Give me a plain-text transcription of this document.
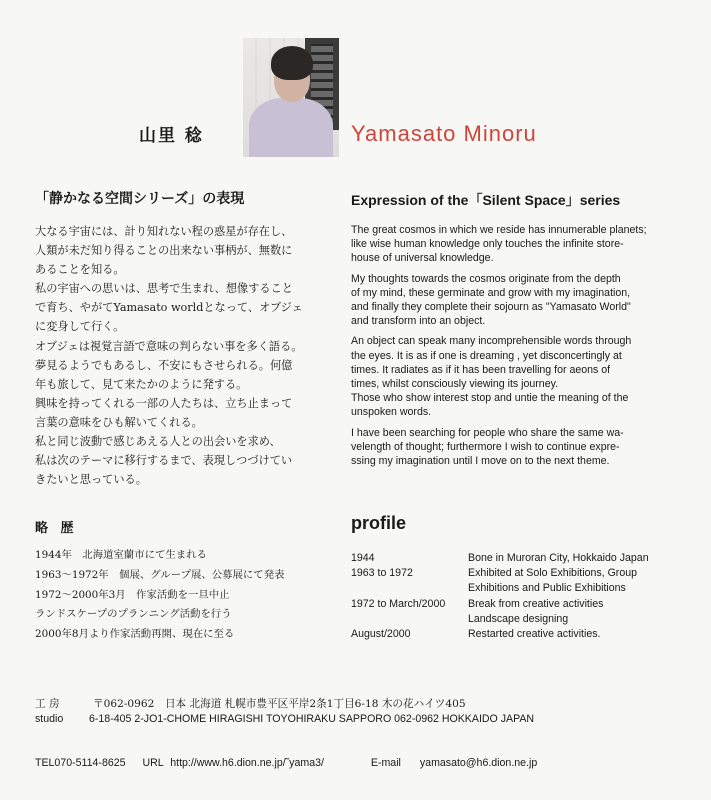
山里 稔	Yamasato Minoru
「静かなる空間シリーズ」の表現

大なる宇宙には、計り知れない程の惑星が存在し、
人類が未だ知り得ることの出来ない事柄が、無数に
あることを知る。

私の宇宙への思いは、思考で生まれ、想像すること
で育ち、やがてYamasato worldとなって、オブジェ
に変身して行く。

オブジェは視覚言語で意味の判らない事を多く語る。
夢見るようでもあるし、不安にもさせられる。何億
年も旅して、見て来たかのように発する。

興味を持ってくれる一部の人たちは、立ち止まって
言葉の意味をひも解いてくれる。

私と同じ波動で感じあえる人との出会いを求め、
私は次のテーマに移行するまで、表現しつづけてい
きたいと思っている。

Expression of the「Silent Space」series

The great cosmos in which we reside has innumerable planets;
like wise human knowledge only touches the infinite store-
house of universal knowledge.

My thoughts towards the cosmos originate from the depth
of my mind, these germinate and grow with my imagination,
and finally they complete their sojourn as "Yamasato World"
and transform into an object.

An object can speak many incomprehensible words through
the eyes. It is as if one is dreaming , yet disconcertingly at
times. It radiates as if it has been travelling for aeons of
times, whilst consciously viewing its journey.
Those who show interest stop and untie the meaning of the
unspoken words.

I have been searching for people who share the same wa-
velength of thought; furthermore I wish to continue expre-
ssing my imagination until I move on to the next theme.

略 歴
1944年　北海道室蘭市にて生まれる
1963～1972年　個展、グループ展、公募展にて発表
1972～2000年3月　作家活動を一旦中止
ランドスケープのプランニング活動を行う
2000年8月より作家活動再開、現在に至る
profile
1944	Bone in Muroran City, Hokkaido Japan
1963 to 1972	Exhibited at Solo Exhibitions, Group
Exhibitions and Public Exhibitions
1972 to March/2000	Break from creative activities
Landscape designing
August/2000	Restarted creative activities.
工 房	〒062-0962　日本 北海道 札幌市豊平区平岸2条1丁目6-18 木の花ハイツ405
studio 6-18-405 2-JO1-CHOME HIRAGISHI TOYOHIRAKU SAPPORO 062-0962 HOKKAIDO JAPAN
TEL070-5114-8625 URL http://www.h6.dion.ne.jp/˜yama3/	E-mail yamasato@h6.dion.ne.jp
